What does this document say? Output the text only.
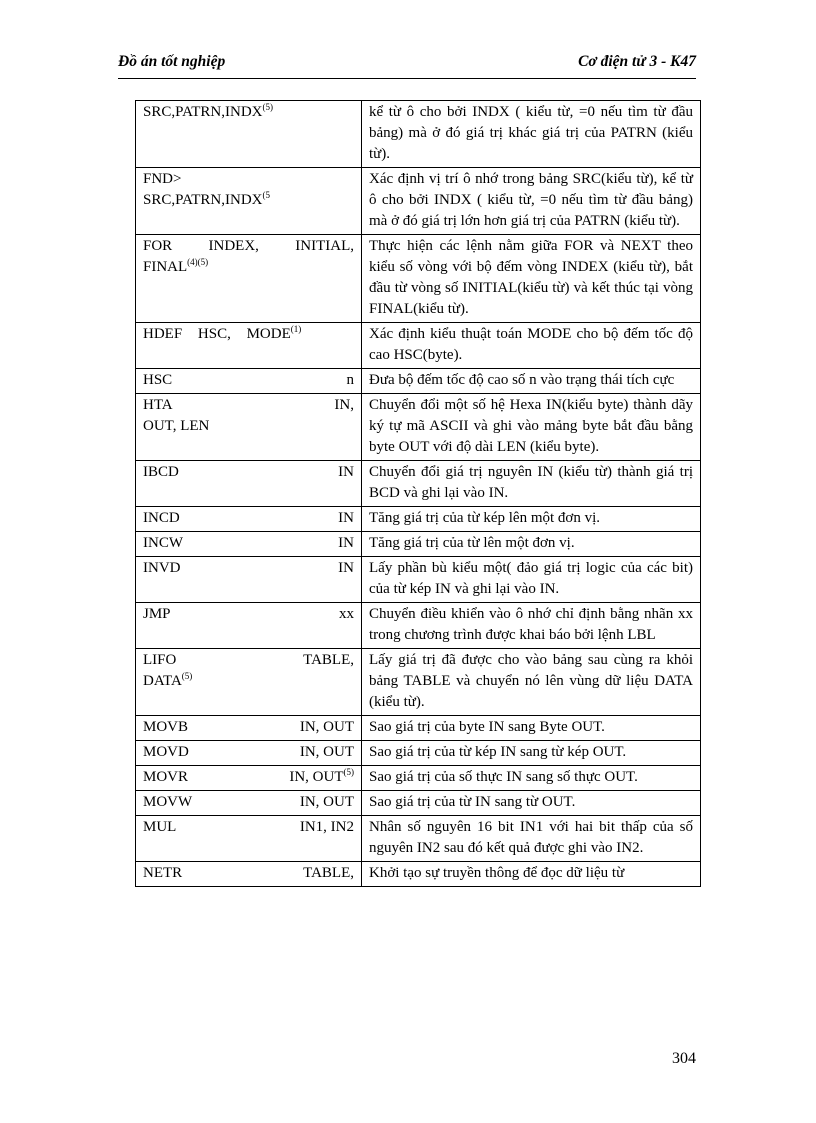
Đồ án tốt nghiệp	Cơ điện tử 3 - K47
SRC,PATRN,INDX$^{(5)}$	kể từ ô cho bởi INDX ( kiểu từ, =0 nếu tìm từ đầu bảng) mà ở đó giá trị khác giá trị của PATRN (kiểu từ).

FND>
$SRC,PATRN,INDX^{(5}$	Xác định vị trí ô nhớ trong bảng SRC(kiểu từ), kể từ ô cho bởi INDX ( kiểu từ, =0 nếu tìm từ đầu bảng) mà ở đó giá trị lớn hơn giá trị của PATRN (kiểu từ).

FOR INDEX, INITIAL,
$FINAL^{(4)(5)}$	Thực hiện các lệnh nằm giữa FOR và NEXT theo kiểu số vòng với bộ đếm vòng INDEX (kiểu từ), bắt đầu từ vòng số INITIAL(kiểu từ) và kết thúc tại vòng FINAL(kiểu từ).

HDEF HSC, MODE$^{(1)}$	Xác định kiểu thuật toán MODE cho bộ đếm tốc độ cao HSC(byte).

HSC n	Đưa bộ đếm tốc độ cao số n vào trạng thái tích cực

HTA IN,
OUT, LEN	Chuyển đổi một số hệ Hexa IN(kiểu byte) thành dãy ký tự mã ASCII và ghi vào mảng byte bắt đầu bằng byte OUT với độ dài LEN (kiểu byte).

IBCD IN	Chuyển đổi giá trị nguyên IN (kiểu từ) thành giá trị BCD và ghi lại vào IN.

INCD IN	Tăng giá trị của từ kép lên một đơn vị.

INCW IN	Tăng giá trị của từ lên một đơn vị.

INVD IN	Lấy phần bù kiểu một( đảo giá trị logic của các bit) của từ kép IN và ghi lại vào IN.

JMP xx	Chuyển điều khiển vào ô nhớ chỉ định bằng nhãn xx trong chương trình được khai báo bởi lệnh LBL

LIFO TABLE,
DATA$^{(5)}$	Lấy giá trị đã được cho vào bảng sau cùng ra khỏi bảng TABLE và chuyển nó lên vùng dữ liệu DATA (kiểu từ).

MOVB IN, OUT	Sao giá trị của byte IN sang Byte OUT.

MOVD IN, OUT	Sao giá trị của từ kép IN sang từ kép OUT.

MOVR IN, OUT$^{(5)}$	Sao giá trị của số thực IN sang số thực OUT.

MOVW IN, OUT	Sao giá trị của từ IN sang từ OUT.

MUL IN1, IN2	Nhân số nguyên 16 bit IN1 với hai bit thấp của số nguyên IN2 sau đó kết quả được ghi vào IN2.

NETR TABLE,	Khởi tạo sự truyền thông để đọc dữ liệu từ
304
